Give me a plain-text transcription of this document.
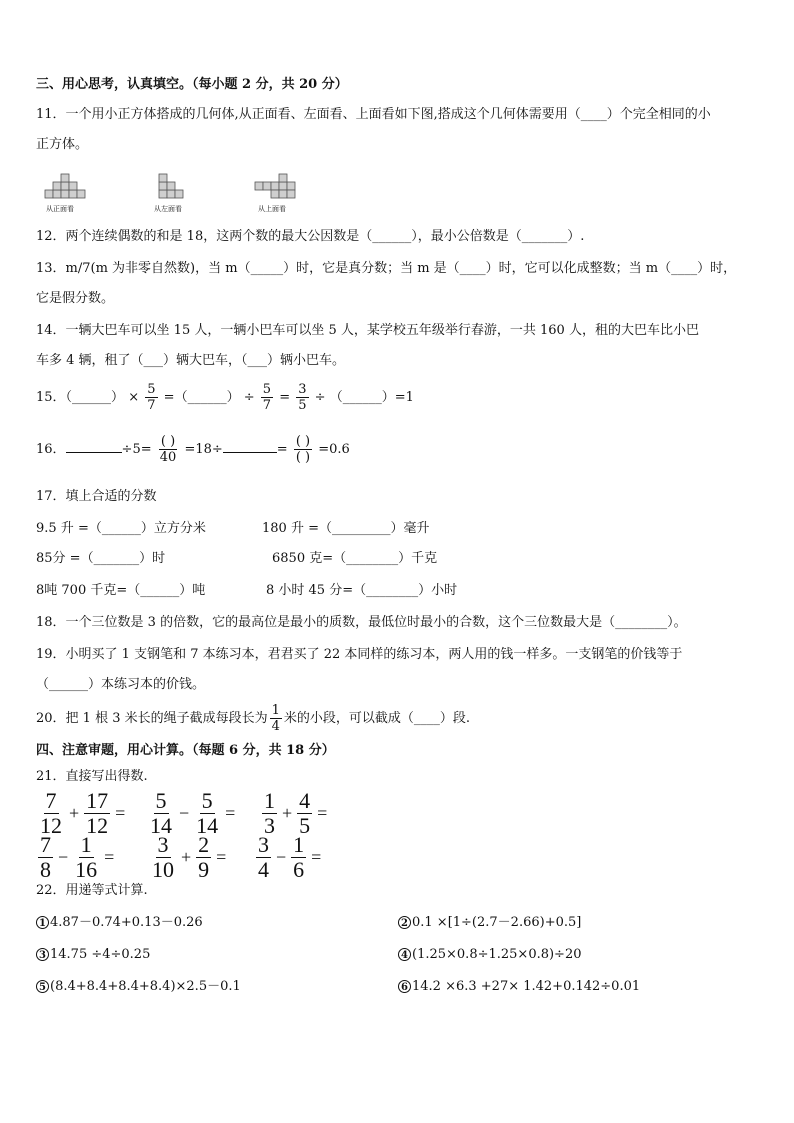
三、用心思考，认真填空。（每小题 2 分，共 20 分）
11．一个用小正方体搭成的几何体,从正面看、左面看、上面看如下图,搭成这个几何体需要用（____）个完全相同的小
正方体。
从正面看	从左面看	从上面看
12．两个连续偶数的和是 18，这两个数的最大公因数是（______），最小公倍数是（_______）.
13．m/7(m 为非零自然数)，当 m（_____）时，它是真分数；当 m 是（____）时，它可以化成整数；当 m（____）时，
它是假分数。
14．一辆大巴车可以坐 15 人，一辆小巴车可以坐 5 人，某学校五年级举行春游，一共 160 人，租的大巴车比小巴
车多 4 辆，租了（___）辆大巴车，（___）辆小巴车。
15．（______） × $\frac{5}{7}$ =（______） ÷ $\frac{5}{7} = \frac{3}{5}$ ÷ （______）=1
16．	$\div 5= \frac{( )}{40} =18\div$	= $\frac{( )}{( )} =0.6$
17．填上合适的分数
9.5 升 =（______）立方分米	180 升 =（_________）毫升
85分 =（_______）时	6850 克=（________）千克
8吨 700 千克=（______）吨	8 小时 45 分=（________）小时
18．一个三位数是 3 的倍数，它的最高位是最小的质数，最低位时最小的合数，这个三位数最大是（________）。
19．小明买了 1 支钢笔和 7 本练习本，君君买了 22 本同样的练习本，两人用的钱一样多。一支钢笔的价钱等于
（______）本练习本的价钱。
20．把 1 根 3 米长的绳子截成每段长为 $\frac{1}{4}$ 米的小段，可以截成（____）段.
四、注意审题，用心计算。（每题 6 分，共 18 分）
21．直接写出得数.
$\frac{7}{12} + \frac{17}{12} = \frac{5}{14} - \frac{5}{14} = \frac{1}{3} + \frac{4}{5}$ =
$\frac{7}{8} - \frac{1}{16} = \frac{3}{10} + \frac{2}{9} = \frac{3}{4} - \frac{1}{6}$ =
22．用递等式计算.
1 4.87－0.74+0.13－0.26	2 0.1 ×[1÷(2.7－2.66)+0.5]
3 14.75 ÷4÷0.25	4 (1.25×0.8÷1.25×0.8)÷20
5 (8.4+8.4+8.4+8.4)×2.5－0.1	6 14.2 ×6.3 +27× 1.42+0.142÷0.01
